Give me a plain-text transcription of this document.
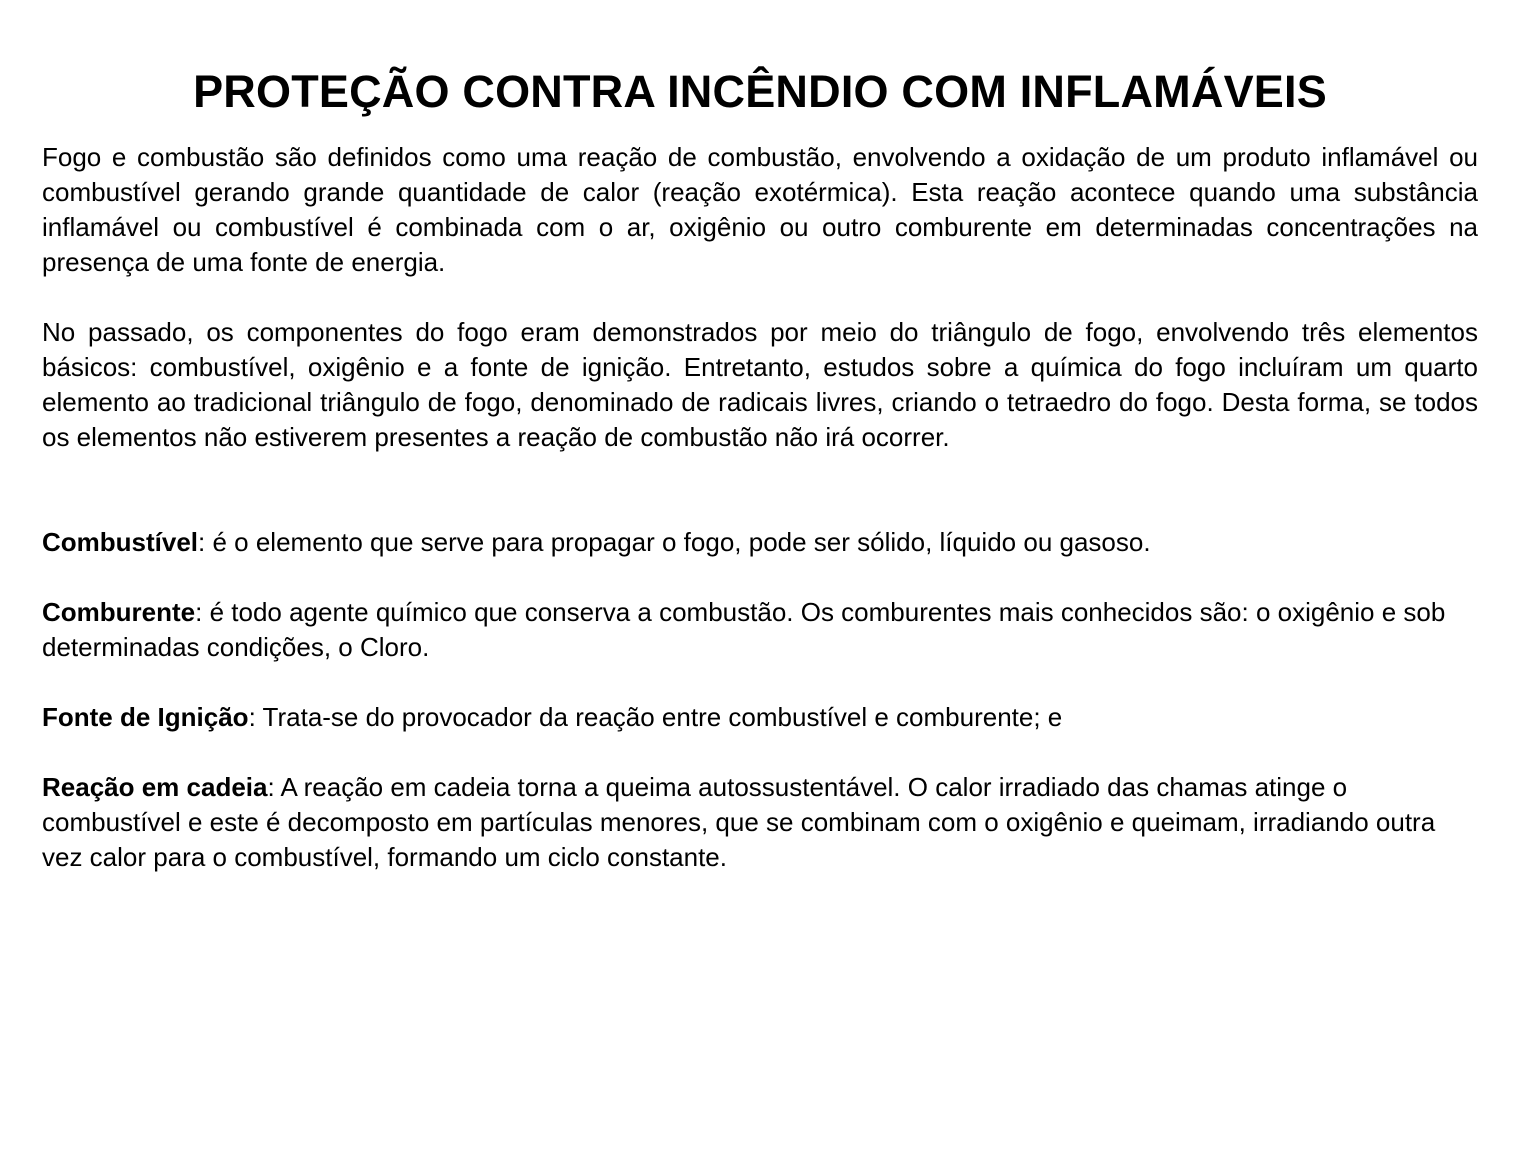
PROTEÇÃO CONTRA INCÊNDIO COM INFLAMÁVEIS

Fogo e combustão são definidos como uma reação de combustão, envolvendo a oxidação de um produto inflamável ou combustível gerando grande quantidade de calor (reação exotérmica). Esta reação acontece quando uma substância inflamável ou combustível é combinada com o ar, oxigênio ou outro comburente em determinadas concentrações na presença de uma fonte de energia.

No passado, os componentes do fogo eram demonstrados por meio do triângulo de fogo, envolvendo três elementos básicos: combustível, oxigênio e a fonte de ignição. Entretanto, estudos sobre a química do fogo incluíram um quarto elemento ao tradicional triângulo de fogo, denominado de radicais livres, criando o tetraedro do fogo. Desta forma, se todos os elementos não estiverem presentes a reação de combustão não irá ocorrer.

Combustível: é o elemento que serve para propagar o fogo, pode ser sólido, líquido ou gasoso.

Comburente: é todo agente químico que conserva a combustão. Os comburentes mais conhecidos são: o oxigênio e sob determinadas condições, o Cloro.

Fonte de Ignição: Trata-se do provocador da reação entre combustível e comburente; e

Reação em cadeia: A reação em cadeia torna a queima autossustentável. O calor irradiado das chamas atinge o combustível e este é decomposto em partículas menores, que se combinam com o oxigênio e queimam, irradiando outra vez calor para o combustível, formando um ciclo constante.
